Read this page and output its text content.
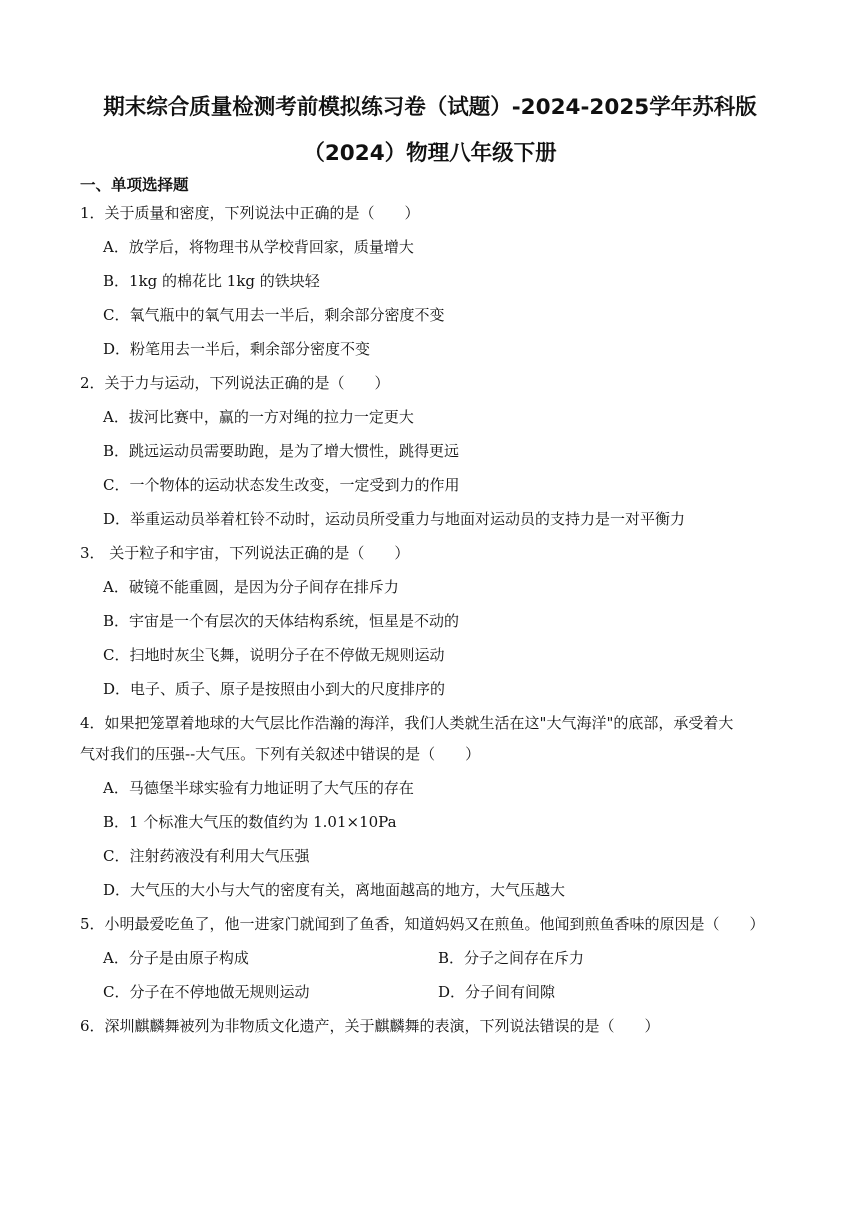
期末综合质量检测考前模拟练习卷（试题）-2024-2025学年苏科版
（2024）物理八年级下册
一、单项选择题
1．关于质量和密度，下列说法中正确的是（　　）
A．放学后，将物理书从学校背回家，质量增大
B．1kg 的棉花比 1kg 的铁块轻
C．氧气瓶中的氧气用去一半后，剩余部分密度不变
D．粉笔用去一半后，剩余部分密度不变
2．关于力与运动，下列说法正确的是（　　）
A．拔河比赛中，赢的一方对绳的拉力一定更大
B．跳远运动员需要助跑，是为了增大惯性，跳得更远
C．一个物体的运动状态发生改变，一定受到力的作用
D．举重运动员举着杠铃不动时，运动员所受重力与地面对运动员的支持力是一对平衡力
3． 关于粒子和宇宙，下列说法正确的是（　　）
A．破镜不能重圆，是因为分子间存在排斥力
B．宇宙是一个有层次的天体结构系统，恒星是不动的
C．扫地时灰尘飞舞，说明分子在不停做无规则运动
D．电子、质子、原子是按照由小到大的尺度排序的
4．如果把笼罩着地球的大气层比作浩瀚的海洋，我们人类就生活在这"大气海洋"的底部，承受着大
气对我们的压强--大气压。下列有关叙述中错误的是（　　）
A．马德堡半球实验有力地证明了大气压的存在
B．1 个标准大气压的数值约为 1.01×10Pa
C．注射药液没有利用大气压强
D．大气压的大小与大气的密度有关，离地面越高的地方，大气压越大
5．小明最爱吃鱼了，他一进家门就闻到了鱼香，知道妈妈又在煎鱼。他闻到煎鱼香味的原因是（　　）
A．分子是由原子构成	B．分子之间存在斥力
C．分子在不停地做无规则运动	D．分子间有间隙
6．深圳麒麟舞被列为非物质文化遗产，关于麒麟舞的表演，下列说法错误的是（　　）
